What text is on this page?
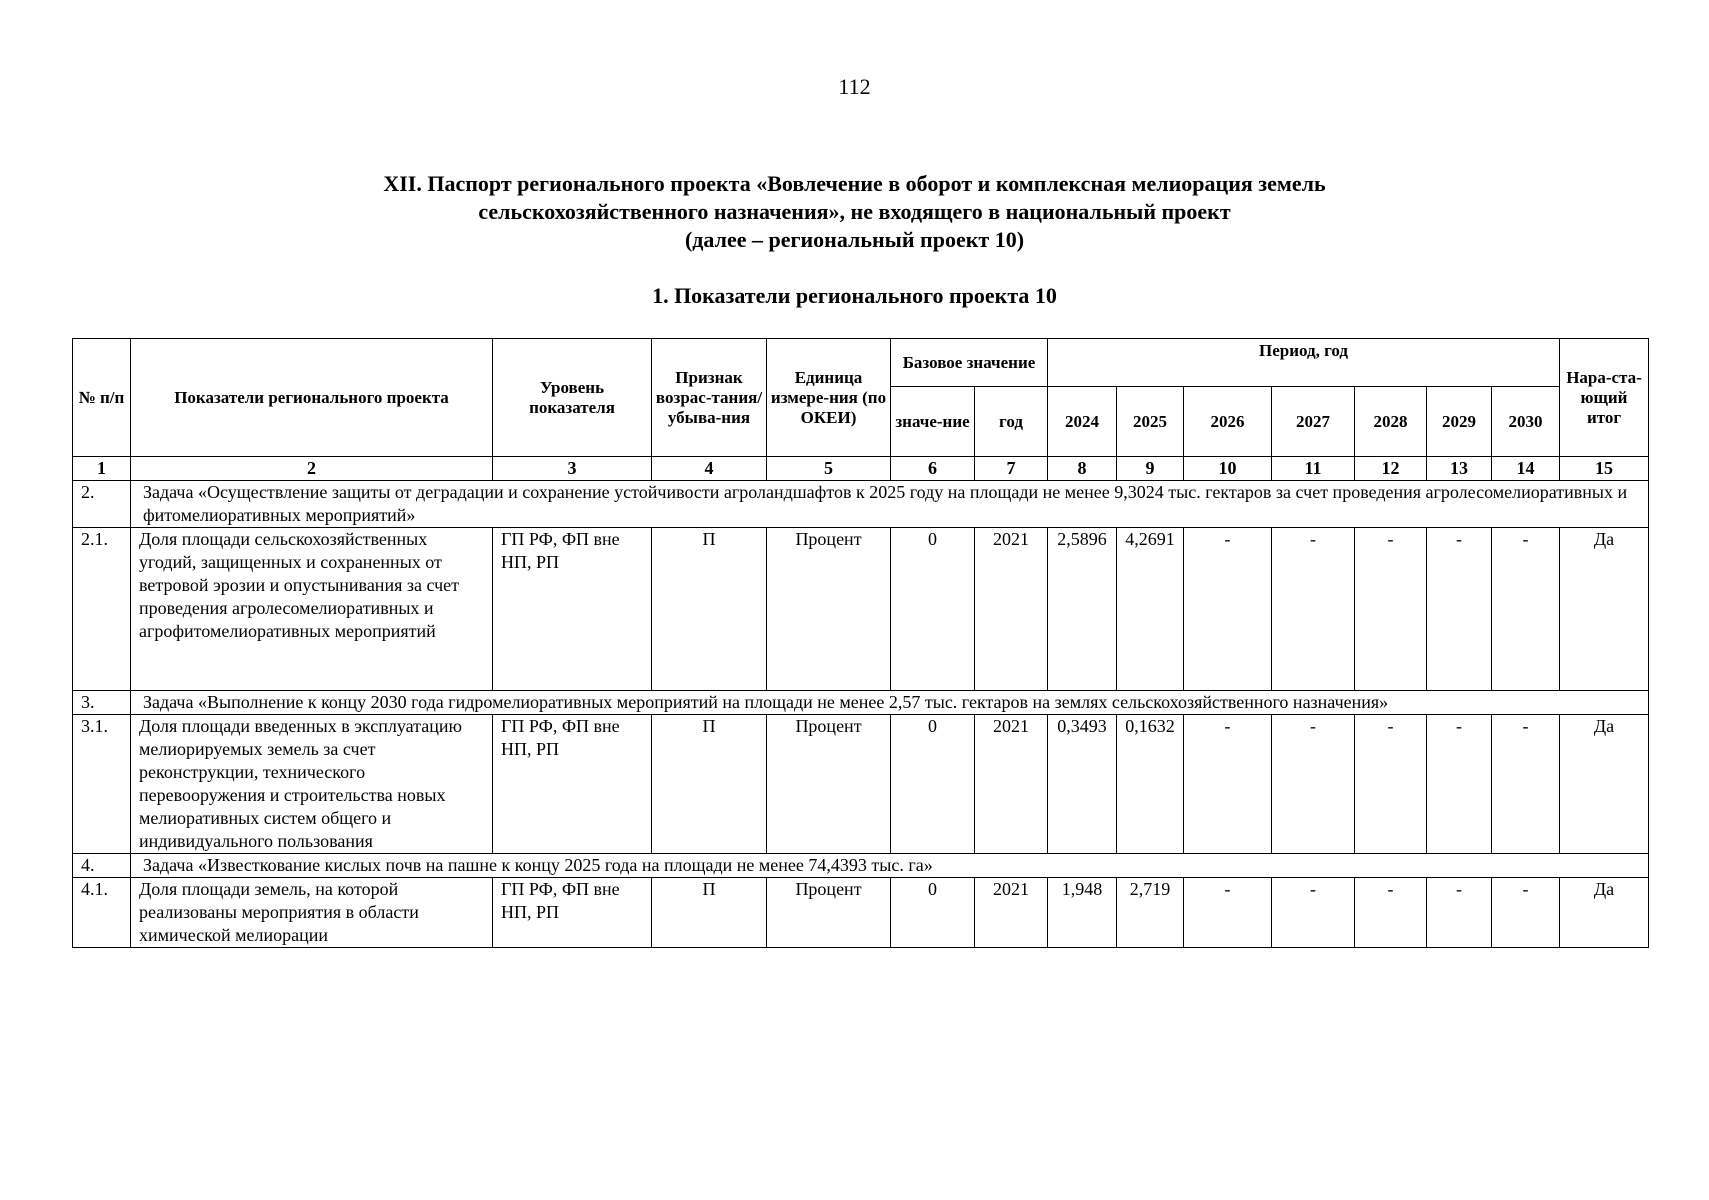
112
XII. Паспорт регионального проекта «Вовлечение в оборот и комплексная мелиорация земель
сельскохозяйственного назначения», не входящего в национальный проект
(далее – региональный проект 10)
1. Показатели регионального проекта 10
№ п/п	Показатели регионального проекта	Уровень показателя	Признак возрас-тания/ убыва-ния	Единица измере-ния (по ОКЕИ)	Базовое значение		Период, год							Нара-ста-ющий итог
					значе-ние	год	2024	2025	2026	2027	2028	2029	2030	
1	2	3	4	5	6	7	8	9	10	11	12	13	14	15
2.	Задача «Осуществление защиты от деградации и сохранение устойчивости агроландшафтов к 2025 году на площади не менее 9,3024 тыс. гектаров за счет проведения агролесомелиоративных и фитомелиоративных мероприятий»													
2.1.	Доля площади сельскохозяйственных угодий, защищенных и сохраненных от ветровой эрозии и опустынивания за счет проведения агролесомелиоративных и агрофитомелиоративных мероприятий	ГП РФ, ФП вне НП, РП	П	Процент	0	2021	2,5896	4,2691	-	-	-	-	-	Да
3.	Задача «Выполнение к концу 2030 года гидромелиоративных мероприятий на площади не менее 2,57 тыс. гектаров на землях сельскохозяйственного назначения»													
3.1.	Доля площади введенных в эксплуатацию мелиорируемых земель за счет реконструкции, технического перевооружения и строительства новых мелиоративных систем общего и индивидуального пользования	ГП РФ, ФП вне НП, РП	П	Процент	0	2021	0,3493	0,1632	-	-	-	-	-	Да
4.	Задача «Известкование кислых почв на пашне к концу 2025 года на площади не менее 74,4393 тыс. га»													
4.1.	Доля площади земель, на которой реализованы мероприятия в области химической мелиорации	ГП РФ, ФП вне НП, РП	П	Процент	0	2021	1,948	2,719	-	-	-	-	-	Да
